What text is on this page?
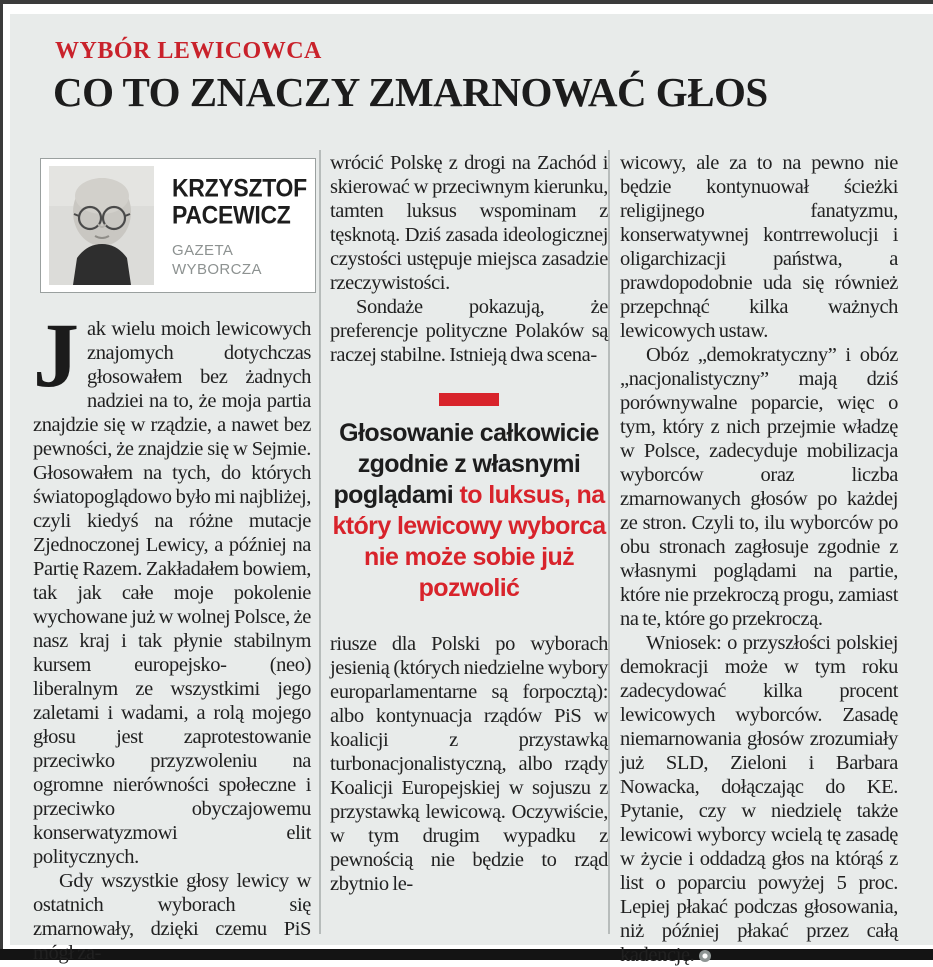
WYBÓR LEWICOWCA
CO TO ZNACZY ZMARNOWAĆ GŁOS
KRZYSZTOF
PACEWICZ
GAZETA
WYBORCZA

Jak wielu moich lewicowych znajomych dotychczas głosowałem bez żadnych nadziei na to, że moja partia znajdzie się w rządzie, a nawet bez pewności, że znajdzie się w Sejmie. Głosowałem na tych, do których światopoglądowo było mi najbliżej, czyli kiedyś na różne mutacje Zjednoczonej Lewicy, a później na Partię Razem. Zakładałem bowiem, tak jak całe moje pokolenie wychowane już w wolnej Polsce, że nasz kraj i tak płynie stabilnym kursem europejsko- (neo) liberalnym ze wszystkimi jego zaletami i wadami, a rolą mojego głosu jest zaprotestowanie przeciwko przyzwoleniu na ogromne nierówności społeczne i przeciwko obyczajowemu konserwatyzmowi elit politycznych.

Gdy wszystkie głosy lewicy w ostatnich wyborach się zmarnowały, dzięki czemu PiS mógł za-

wrócić Polskę z drogi na Zachód i skierować w przeciwnym kierunku, tamten luksus wspominam z tęsknotą. Dziś zasada ideologicznej czystości ustępuje miejsca zasadzie rzeczywistości.

Sondaże pokazują, że preferencje polityczne Polaków są raczej stabilne. Istnieją dwa scena-

Głosowanie całkowicie zgodnie z własnymi poglądami to luksus, na który lewicowy wyborca nie może sobie już pozwolić

riusze dla Polski po wyborach jesienią (których niedzielne wybory europarlamentarne są forpocztą): albo kontynuacja rządów PiS w koalicji z przystawką turbonacjonalistyczną, albo rządy Koalicji Europejskiej w sojuszu z przystawką lewicową. Oczywiście, w tym drugim wypadku z pewnością nie będzie to rząd zbytnio le-

wicowy, ale za to na pewno nie będzie kontynuował ścieżki religijnego fanatyzmu, konserwatywnej kontrrewolucji i oligarchizacji państwa, a prawdopodobnie uda się również przepchnąć kilka ważnych lewicowych ustaw.

Obóz „demokratyczny” i obóz „nacjonalistyczny” mają dziś porównywalne poparcie, więc o tym, który z nich przejmie władzę w Polsce, zadecyduje mobilizacja wyborców oraz liczba zmarnowanych głosów po każdej ze stron. Czyli to, ilu wyborców po obu stronach zagłosuje zgodnie z własnymi poglądami na partie, które nie przekroczą progu, zamiast na te, które go przekroczą.

Wniosek: o przyszłości polskiej demokracji może w tym roku zadecydować kilka procent lewicowych wyborców. Zasadę niemarnowania głosów zrozumiały już SLD, Zieloni i Barbara Nowacka, dołączając do KE. Pytanie, czy w niedzielę także lewicowi wyborcy wcielą tę zasadę w życie i oddadzą głos na którąś z list o poparciu powyżej 5 proc. Lepiej płakać podczas głosowania, niż później płakać przez całą kadencję.
